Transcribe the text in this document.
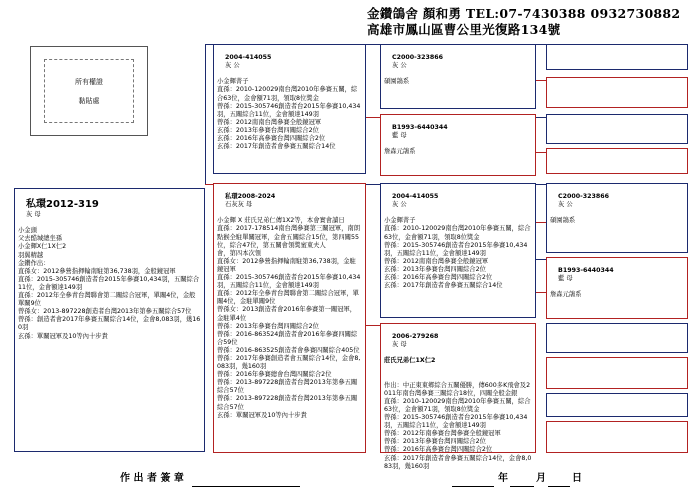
金鑽鴿舍 顏和勇 TEL:07-7430388 0932730882
高雄市鳳山區曹公里光復路134號
所有權證
黏貼處

私環2012-319
灰 母

小金頭
父去酷城總坐孫
小金輝X仁1X仁2
羽翼精越
金鑽作出：
直孫女：2012參營指揮輪南駐第36,738羽，金般鏡冠軍
直孫：2015-305746創造者台2015年參賽10,434羽，五關綜合11位，金會額達149羽
直孫：2012年全參青台灣聯會第二關綜合冠軍，單關4位，金般單關9位
曾孫女：2013-897228創造者台灣2013年第參五關綜合57位
曾孫：創造者會2017年參賽五關綜合14位，金會8,083羽，幾160羽
玄孫：單關冠軍及10等內十步貴

2004-414055
灰 公

小金輝菁子
直孫：2010-120029南台灣2010年參賽五關，綜合63位，金會額71羽，領取8位獎金
曾孫：2015-305746創造者台2015年參賽10,434羽，五關綜合11位，金會額達149羽
曾孫：2012南南台灣參賽全般鏡冠軍
玄孫：2013年參賽台灣四關綜合2位
玄孫：2016年高參賽台灣四關綜合2位
玄孫：2017年創造者會參賽五關綜合14位

私環2008-2024
石灰灰 母

小金輝 X 莊氏兄弟仁傳1X2等，本會實會讀日
直孫：2017-178514南台灣參賽第三關冠軍，南朗點猴全駐單關冠軍，金會五關綜合15位，第四關55位，綜合47位，第五關會領獎蜜東夫人
會，第四本次領
直孫女：2012參營指揮輪南駐第36,738羽，金駐鏡冠軍
直孫：2015-305746創造者台2015年參賽10,434羽，五關綜合11位，金會額達149羽
直孫：2012年全參青台灣聯會第二關綜合冠軍，單關4位，金駐單關9位
曾孫女：2013創造者會2016年參賽第一關冠軍，金駐單4位
曾孫：2013年參賽台灣四關綜合2位
曾孫：2016-863524創造者會2016年參賽四關綜合59位
曾孫：2016-863525創造者會參賽四關綜合405位
曾孫：2017年參賽創造者會五關綜合14位，金會8,083羽，幾160羽
曾孫：2016年參賽總會台灣四關綜合2位
曾孫：2013-897228創造者台灣2013年第參五關綜合57位
曾孫：2013-897228創造者台灣2013年第參五關綜合57位
玄孫：單關冠軍及10等內十步貴

C2000-323866
灰 公

碩園鴿系

B1993-6440344
藍 母

詹森元鴿系

2004-414055
灰 公

小金輝菁子
直孫：2010-120029南台灣2010年參賽五關，綜合63位，金會額71羽，領取8位獎金
曾孫：2015-305746創造者台2015年參賽10,434羽，五關綜合11位，金會額達149羽
曾孫：2012南南台灣參賽全般鏡冠軍
玄孫：2013年參賽台灣四關綜合2位
玄孫：2016年高參賽台灣四關綜合2位
玄孫：2017年創造者會參賽五關綜合14位

2006-279268
灰 母

莊氏兄弟仁1X仁2

作出：中正東東鄉綜合五關優勝，傳600多K飛會及2011年南台灣參賽三關綜合18位，四關全般金銀
直孫：2010-120029南台灣2010年參賽五關，綜合63位，金會額71羽，領取8位獎金
曾孫：2015-305746創造者台2015年參賽10,434羽，五關綜合11位，金會額達149羽
曾孫：2012年南參賽台灣參賽全般鏡冠軍
曾孫：2013年參賽台灣四關綜合2位
曾孫：2016年高參賽台灣四關綜合2位
玄孫：2017年創造者會參賽五關綜合14位，金會8,083羽，幾160羽

C2000-323866
灰 公

碩園鴿系

B1993-6440344
藍 母

詹森元鴿系

作 出 者 簽 章	年	月	日
